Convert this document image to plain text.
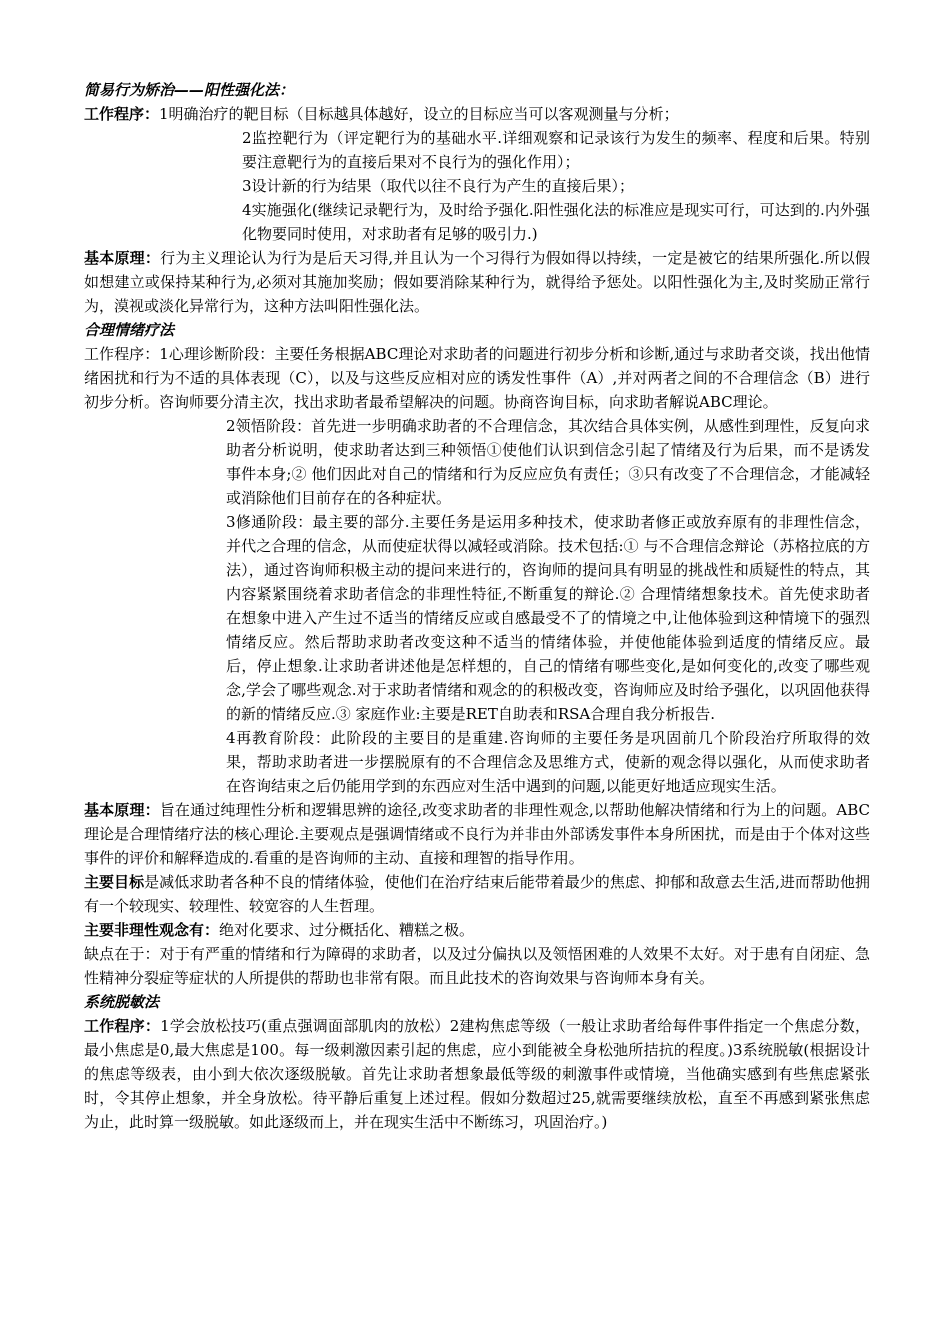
简易行为矫治——阳性强化法：

工作程序：1明确治疗的靶目标（目标越具体越好，设立的目标应当可以客观测量与分析；

2监控靶行为（评定靶行为的基础水平.详细观察和记录该行为发生的频率、程度和后果。特别要注意靶行为的直接后果对不良行为的强化作用）；

3设计新的行为结果（取代以往不良行为产生的直接后果）；

4实施强化(继续记录靶行为，及时给予强化.阳性强化法的标准应是现实可行，可达到的.内外强化物要同时使用，对求助者有足够的吸引力.)

基本原理：行为主义理论认为行为是后天习得,并且认为一个习得行为假如得以持续，一定是被它的结果所强化.所以假如想建立或保持某种行为,必须对其施加奖励；假如要消除某种行为，就得给予惩处。以阳性强化为主,及时奖励正常行为，漠视或淡化异常行为，这种方法叫阳性强化法。

合理情绪疗法

工作程序：1心理诊断阶段：主要任务根据ABC理论对求助者的问题进行初步分析和诊断,通过与求助者交谈，找出他情绪困扰和行为不适的具体表现（C），以及与这些反应相对应的诱发性事件（A）,并对两者之间的不合理信念（B）进行初步分析。咨询师要分清主次，找出求助者最希望解决的问题。协商咨询目标，向求助者解说ABC理论。

2领悟阶段：首先进一步明确求助者的不合理信念，其次结合具体实例，从感性到理性，反复向求助者分析说明，使求助者达到三种领悟①使他们认识到信念引起了情绪及行为后果，而不是诱发事件本身;② 他们因此对自己的情绪和行为反应应负有责任；③只有改变了不合理信念，才能减轻或消除他们目前存在的各种症状。

3修通阶段：最主要的部分.主要任务是运用多种技术，使求助者修正或放弃原有的非理性信念，并代之合理的信念，从而使症状得以减轻或消除。技术包括:① 与不合理信念辩论（苏格拉底的方法），通过咨询师积极主动的提问来进行的，咨询师的提问具有明显的挑战性和质疑性的特点，其内容紧紧围绕着求助者信念的非理性特征,不断重复的辩论.② 合理情绪想象技术。首先使求助者在想象中进入产生过不适当的情绪反应或自感最受不了的情境之中,让他体验到这种情境下的强烈情绪反应。然后帮助求助者改变这种不适当的情绪体验，并使他能体验到适度的情绪反应。最后，停止想象.让求助者讲述他是怎样想的，自己的情绪有哪些变化,是如何变化的,改变了哪些观念,学会了哪些观念.对于求助者情绪和观念的的积极改变，咨询师应及时给予强化，以巩固他获得的新的情绪反应.③ 家庭作业:主要是RET自助表和RSA合理自我分析报告.

4再教育阶段：此阶段的主要目的是重建.咨询师的主要任务是巩固前几个阶段治疗所取得的效果，帮助求助者进一步摆脱原有的不合理信念及思维方式，使新的观念得以强化，从而使求助者在咨询结束之后仍能用学到的东西应对生活中遇到的问题,以能更好地适应现实生活。

基本原理：旨在通过纯理性分析和逻辑思辨的途径,改变求助者的非理性观念,以帮助他解决情绪和行为上的问题。ABC理论是合理情绪疗法的核心理论.主要观点是强调情绪或不良行为并非由外部诱发事件本身所困扰，而是由于个体对这些事件的评价和解释造成的.看重的是咨询师的主动、直接和理智的指导作用。

主要目标是减低求助者各种不良的情绪体验，使他们在治疗结束后能带着最少的焦虑、抑郁和敌意去生活,进而帮助他拥有一个较现实、较理性、较宽容的人生哲理。

主要非理性观念有：绝对化要求、过分概括化、糟糕之极。

缺点在于：对于有严重的情绪和行为障碍的求助者，以及过分偏执以及领悟困难的人效果不太好。对于患有自闭症、急性精神分裂症等症状的人所提供的帮助也非常有限。而且此技术的咨询效果与咨询师本身有关。

系统脱敏法

工作程序：1学会放松技巧(重点强调面部肌肉的放松）2建构焦虑等级（一般让求助者给每件事件指定一个焦虑分数，最小焦虑是0,最大焦虑是100。每一级刺激因素引起的焦虑，应小到能被全身松弛所拮抗的程度。)3系统脱敏(根据设计的焦虑等级表，由小到大依次逐级脱敏。首先让求助者想象最低等级的刺激事件或情境，当他确实感到有些焦虑紧张时，令其停止想象，并全身放松。待平静后重复上述过程。假如分数超过25,就需要继续放松，直至不再感到紧张焦虑为止，此时算一级脱敏。如此逐级而上，并在现实生活中不断练习，巩固治疗。)
